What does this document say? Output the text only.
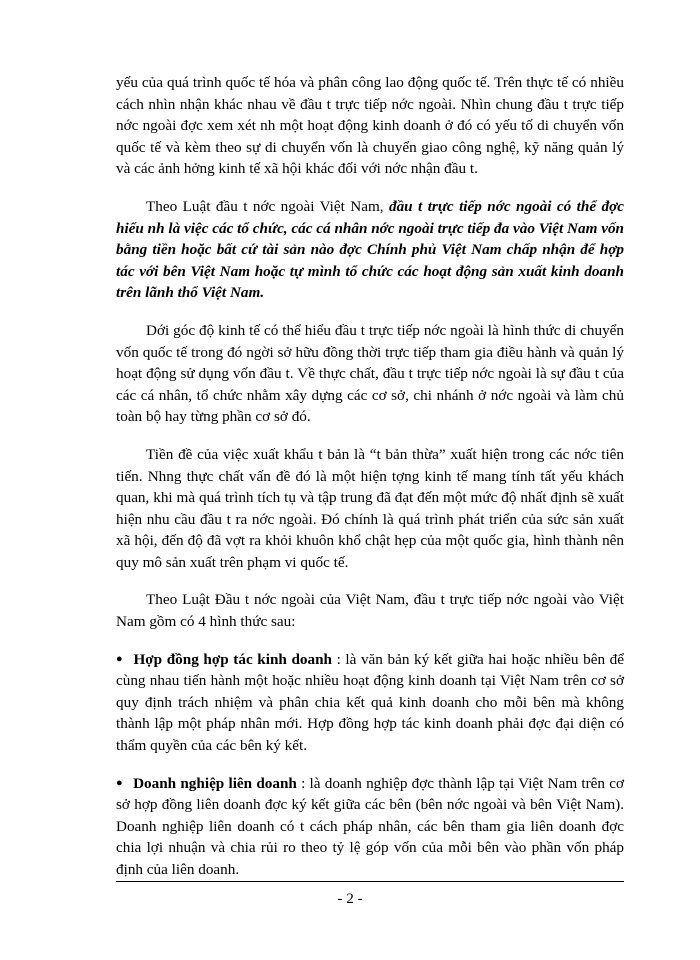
yếu của quá trình quốc tế hóa và phân công lao động quốc tế. Trên thực tế có nhiều cách nhìn nhận khác nhau về đầu t trực tiếp nớc ngoài. Nhìn chung đầu t trực tiếp nớc ngoài đợc xem xét nh một hoạt động kinh doanh ở đó có yếu tố di chuyển vốn quốc tế và kèm theo sự di chuyển vốn là chuyển giao công nghệ, kỹ năng quản lý và các ảnh hởng kinh tế xã hội khác đối với nớc nhận đầu t.

Theo Luật đầu t nớc ngoài Việt Nam, đầu t trực tiếp nớc ngoài có thể đợc hiểu nh là việc các tổ chức, các cá nhân nớc ngoài trực tiếp đa vào Việt Nam vốn bằng tiền hoặc bất cứ tài sản nào đợc Chính phủ Việt Nam chấp nhận để hợp tác với bên Việt Nam hoặc tự mình tổ chức các hoạt động sản xuất kinh doanh trên lãnh thổ Việt Nam.

Dới góc độ kinh tế có thể hiểu đầu t trực tiếp nớc ngoài là hình thức di chuyển vốn quốc tế trong đó ngời sở hữu đồng thời trực tiếp tham gia điều hành và quản lý hoạt động sử dụng vốn đầu t. Về thực chất, đầu t trực tiếp nớc ngoài là sự đầu t của các cá nhân, tổ chức nhằm xây dựng các cơ sở, chi nhánh ở nớc ngoài và làm chủ toàn bộ hay từng phần cơ sở đó.

Tiền đề của việc xuất khẩu t bản là “t bản thừa” xuất hiện trong các nớc tiên tiến. Nhng thực chất vấn đề đó là một hiện tợng kinh tế mang tính tất yếu khách quan, khi mà quá trình tích tụ và tập trung đã đạt đến một mức độ nhất định sẽ xuất hiện nhu cầu đầu t ra nớc ngoài. Đó chính là quá trình phát triển của sức sản xuất xã hội, đến độ đã vợt ra khỏi khuôn khổ chật hẹp của một quốc gia, hình thành nên quy mô sản xuất trên phạm vi quốc tế.

Theo Luật Đầu t nớc ngoài của Việt Nam, đầu t trực tiếp nớc ngoài vào Việt Nam gồm có 4 hình thức sau:

● Hợp đồng hợp tác kinh doanh : là văn bản ký kết giữa hai hoặc nhiều bên để cùng nhau tiến hành một hoặc nhiều hoạt động kinh doanh tại Việt Nam trên cơ sở quy định trách nhiệm và phân chia kết quả kinh doanh cho mỗi bên mà không thành lập một pháp nhân mới. Hợp đồng hợp tác kinh doanh phải đợc đại diện có thẩm quyền của các bên ký kết.

● Doanh nghiệp liên doanh : là doanh nghiệp đợc thành lập tại Việt Nam trên cơ sở hợp đồng liên doanh đợc ký kết giữa các bên (bên nớc ngoài và bên Việt Nam). Doanh nghiệp liên doanh có t cách pháp nhân, các bên tham gia liên doanh đợc chia lợi nhuận và chia rủi ro theo tỷ lệ góp vốn của mỗi bên vào phần vốn pháp định của liên doanh.

- 2 -
